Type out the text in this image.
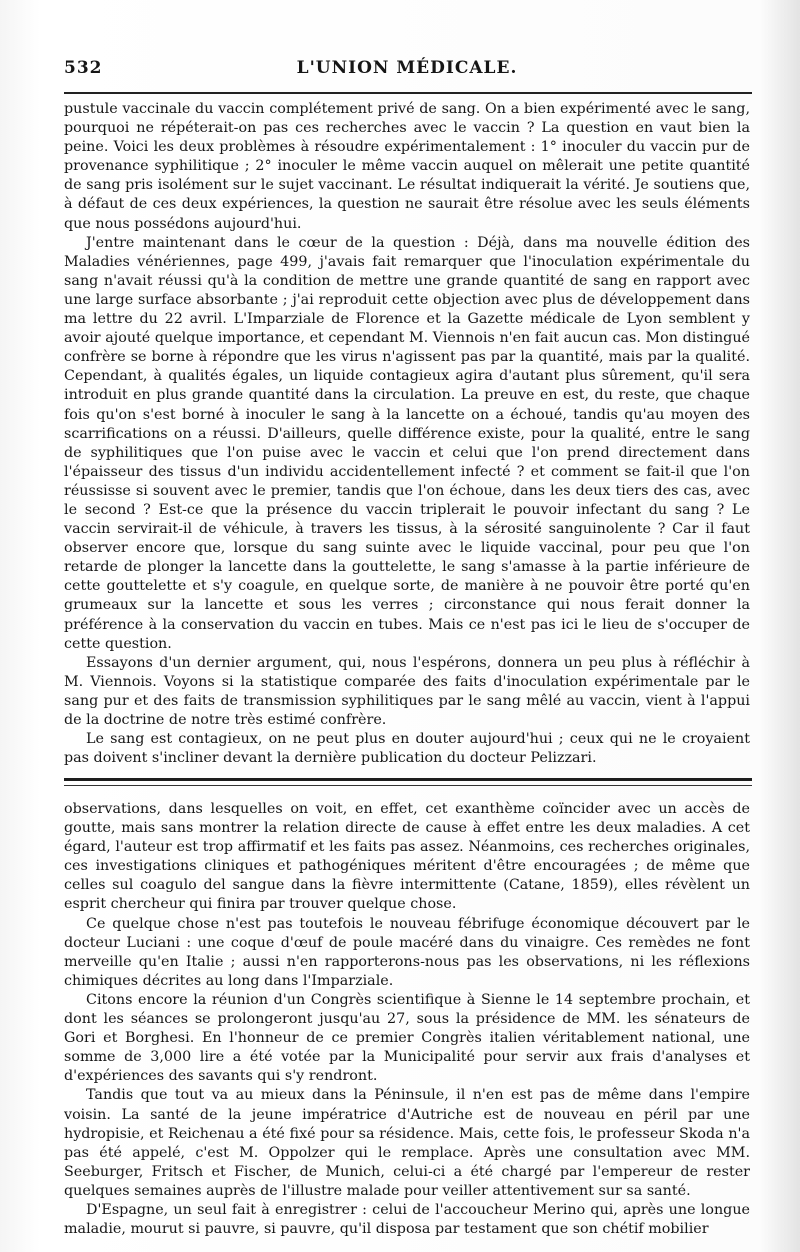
532	L'UNION MÉDICALE.

pustule vaccinale du vaccin complétement privé de sang. On a bien expérimenté avec le sang, pourquoi ne répéterait-on pas ces recherches avec le vaccin ? La question en vaut bien la peine. Voici les deux problèmes à résoudre expérimentalement : 1° inoculer du vaccin pur de provenance syphilitique ; 2° inoculer le même vaccin auquel on mêlerait une petite quantité de sang pris isolément sur le sujet vaccinant. Le résultat indiquerait la vérité. Je soutiens que, à défaut de ces deux expériences, la question ne saurait être résolue avec les seuls éléments que nous possédons aujourd'hui.

J'entre maintenant dans le cœur de la question : Déjà, dans ma nouvelle édition des Maladies vénériennes, page 499, j'avais fait remarquer que l'inoculation expérimentale du sang n'avait réussi qu'à la condition de mettre une grande quantité de sang en rapport avec une large surface absorbante ; j'ai reproduit cette objection avec plus de développement dans ma lettre du 22 avril. L'Imparziale de Florence et la Gazette médicale de Lyon semblent y avoir ajouté quelque importance, et cependant M. Viennois n'en fait aucun cas. Mon distingué confrère se borne à répondre que les virus n'agissent pas par la quantité, mais par la qualité. Cependant, à qualités égales, un liquide contagieux agira d'autant plus sûrement, qu'il sera introduit en plus grande quantité dans la circulation. La preuve en est, du reste, que chaque fois qu'on s'est borné à inoculer le sang à la lancette on a échoué, tandis qu'au moyen des scarrifications on a réussi. D'ailleurs, quelle différence existe, pour la qualité, entre le sang de syphilitiques que l'on puise avec le vaccin et celui que l'on prend directement dans l'épaisseur des tissus d'un individu accidentellement infecté ? et comment se fait-il que l'on réussisse si souvent avec le premier, tandis que l'on échoue, dans les deux tiers des cas, avec le second ? Est-ce que la présence du vaccin triplerait le pouvoir infectant du sang ? Le vaccin servirait-il de véhicule, à travers les tissus, à la sérosité sanguinolente ? Car il faut observer encore que, lorsque du sang suinte avec le liquide vaccinal, pour peu que l'on retarde de plonger la lancette dans la gouttelette, le sang s'amasse à la partie inférieure de cette gouttelette et s'y coagule, en quelque sorte, de manière à ne pouvoir être porté qu'en grumeaux sur la lancette et sous les verres ; circonstance qui nous ferait donner la préférence à la conservation du vaccin en tubes. Mais ce n'est pas ici le lieu de s'occuper de cette question.

Essayons d'un dernier argument, qui, nous l'espérons, donnera un peu plus à réfléchir à M. Viennois. Voyons si la statistique comparée des faits d'inoculation expérimentale par le sang pur et des faits de transmission syphilitiques par le sang mêlé au vaccin, vient à l'appui de la doctrine de notre très estimé confrère.

Le sang est contagieux, on ne peut plus en douter aujourd'hui ; ceux qui ne le croyaient pas doivent s'incliner devant la dernière publication du docteur Pelizzari.

observations, dans lesquelles on voit, en effet, cet exanthème coïncider avec un accès de goutte, mais sans montrer la relation directe de cause à effet entre les deux maladies. A cet égard, l'auteur est trop affirmatif et les faits pas assez. Néanmoins, ces recherches originales, ces investigations cliniques et pathogéniques méritent d'être encouragées ; de même que celles sul coagulo del sangue dans la fièvre intermittente (Catane, 1859), elles révèlent un esprit chercheur qui finira par trouver quelque chose.

Ce quelque chose n'est pas toutefois le nouveau fébrifuge économique découvert par le docteur Luciani : une coque d'œuf de poule macéré dans du vinaigre. Ces remèdes ne font merveille qu'en Italie ; aussi n'en rapporterons-nous pas les observations, ni les réflexions chimiques décrites au long dans l'Imparziale.

Citons encore la réunion d'un Congrès scientifique à Sienne le 14 septembre prochain, et dont les séances se prolongeront jusqu'au 27, sous la présidence de MM. les sénateurs de Gori et Borghesi. En l'honneur de ce premier Congrès italien véritablement national, une somme de 3,000 lire a été votée par la Municipalité pour servir aux frais d'analyses et d'expériences des savants qui s'y rendront.

Tandis que tout va au mieux dans la Péninsule, il n'en est pas de même dans l'empire voisin. La santé de la jeune impératrice d'Autriche est de nouveau en péril par une hydropisie, et Reichenau a été fixé pour sa résidence. Mais, cette fois, le professeur Skoda n'a pas été appelé, c'est M. Oppolzer qui le remplace. Après une consultation avec MM. Seeburger, Fritsch et Fischer, de Munich, celui-ci a été chargé par l'empereur de rester quelques semaines auprès de l'illustre malade pour veiller attentivement sur sa santé.

D'Espagne, un seul fait à enregistrer : celui de l'accoucheur Merino qui, après une longue maladie, mourut si pauvre, si pauvre, qu'il disposa par testament que son chétif mobilier
